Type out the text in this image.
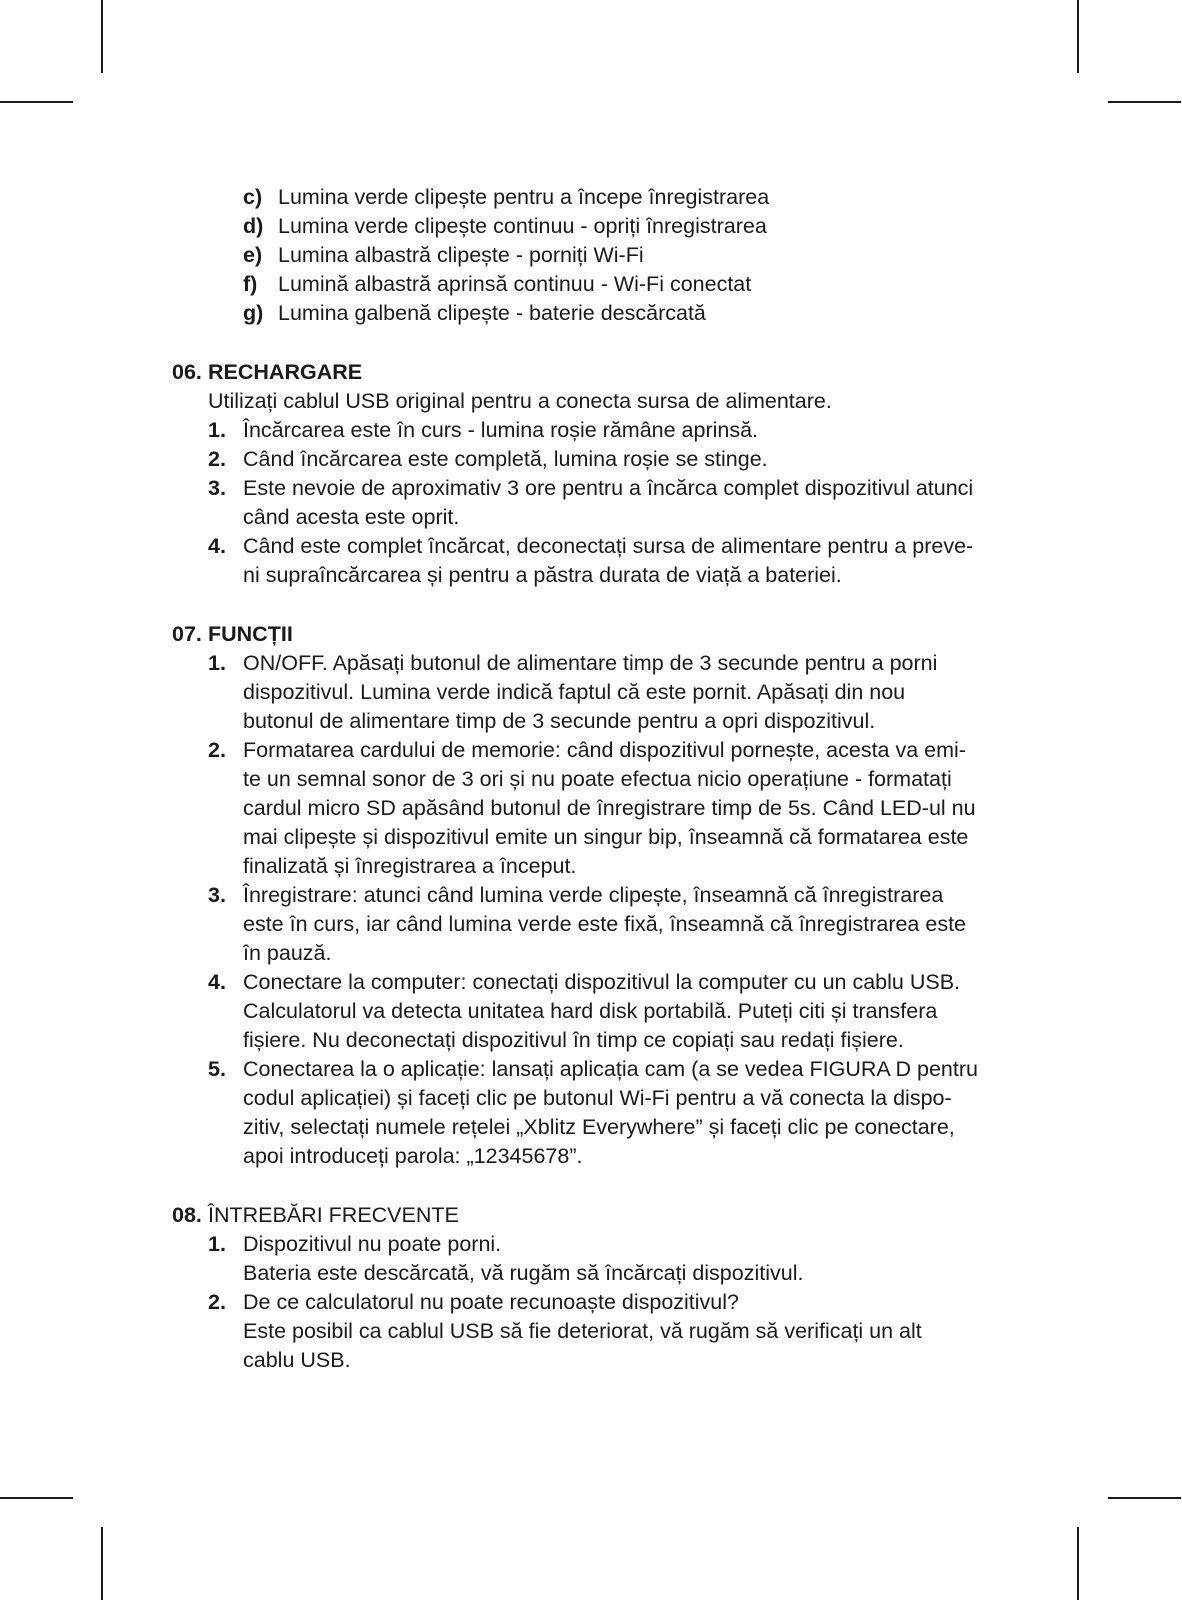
c) Lumina verde clipește pentru a începe înregistrarea
d) Lumina verde clipește continuu - opriți înregistrarea
e) Lumina albastră clipește - porniți Wi-Fi
f) Lumină albastră aprinsă continuu - Wi-Fi conectat
g) Lumina galbenă clipește - baterie descărcată
06. RECHARGARE
Utilizați cablul USB original pentru a conecta sursa de alimentare.
1. Încărcarea este în curs - lumina roșie rămâne aprinsă.
2. Când încărcarea este completă, lumina roșie se stinge.
3. Este nevoie de aproximativ 3 ore pentru a încărca complet dispozitivul atunci
când acesta este oprit.
4. Când este complet încărcat, deconectați sursa de alimentare pentru a preve-
ni supraîncărcarea și pentru a păstra durata de viață a bateriei.
07. FUNCȚII
1. ON/OFF. Apăsați butonul de alimentare timp de 3 secunde pentru a porni
dispozitivul. Lumina verde indică faptul că este pornit. Apăsați din nou
butonul de alimentare timp de 3 secunde pentru a opri dispozitivul.
2. Formatarea cardului de memorie: când dispozitivul pornește, acesta va emi-
te un semnal sonor de 3 ori și nu poate efectua nicio operațiune - formatați
cardul micro SD apăsând butonul de înregistrare timp de 5s. Când LED-ul nu
mai clipește și dispozitivul emite un singur bip, înseamnă că formatarea este
finalizată și înregistrarea a început.
3. Înregistrare: atunci când lumina verde clipește, înseamnă că înregistrarea
este în curs, iar când lumina verde este fixă, înseamnă că înregistrarea este
în pauză.
4. Conectare la computer: conectați dispozitivul la computer cu un cablu USB.
Calculatorul va detecta unitatea hard disk portabilă. Puteți citi și transfera
fișiere. Nu deconectați dispozitivul în timp ce copiați sau redați fișiere.
5. Conectarea la o aplicație: lansați aplicația cam (a se vedea FIGURA D pentru
codul aplicației) și faceți clic pe butonul Wi-Fi pentru a vă conecta la dispo-
zitiv, selectați numele rețelei „Xblitz Everywhere” și faceți clic pe conectare,
apoi introduceți parola: „12345678”.
08. ÎNTREBĂRI FRECVENTE
1. Dispozitivul nu poate porni.
Bateria este descărcată, vă rugăm să încărcați dispozitivul.
2. De ce calculatorul nu poate recunoaște dispozitivul?
Este posibil ca cablul USB să fie deteriorat, vă rugăm să verificați un alt
cablu USB.
